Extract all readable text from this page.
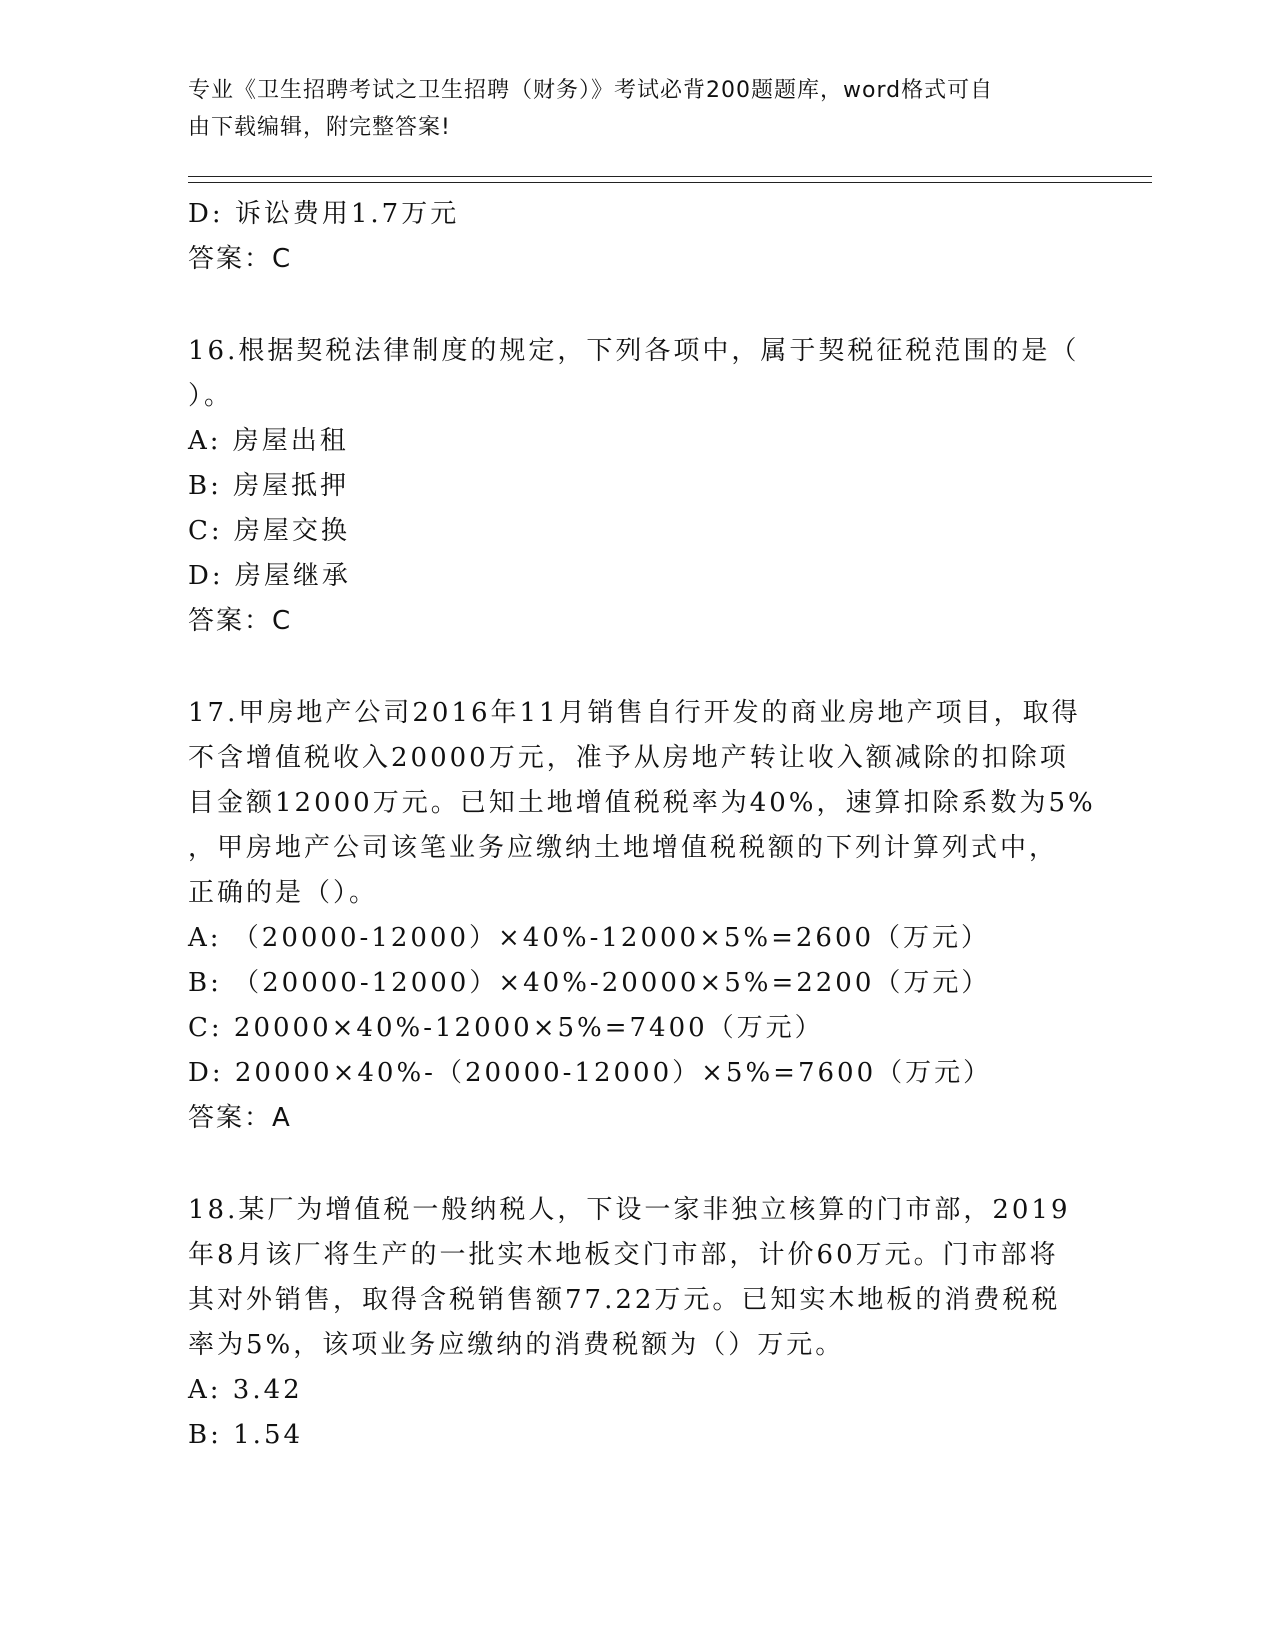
专业《卫生招聘考试之卫生招聘（财务）》考试必背200题题库，word格式可自
由下载编辑，附完整答案!
D: 诉讼费用1.7万元
答案：C
16.根据契税法律制度的规定，下列各项中，属于契税征税范围的是（
）。
A: 房屋出租
B: 房屋抵押
C: 房屋交换
D: 房屋继承
答案：C
17.甲房地产公司2016年11月销售自行开发的商业房地产项目，取得
不含增值税收入20000万元，准予从房地产转让收入额减除的扣除项
目金额12000万元。已知土地增值税税率为40%，速算扣除系数为5%
，甲房地产公司该笔业务应缴纳土地增值税税额的下列计算列式中，
正确的是（）。
A: （20000-12000）×40%-12000×5%=2600（万元）
B: （20000-12000）×40%-20000×5%=2200（万元）
C: 20000×40%-12000×5%=7400（万元）
D: 20000×40%-（20000-12000）×5%=7600（万元）
答案：A
18.某厂为增值税一般纳税人，下设一家非独立核算的门市部，2019
年8月该厂将生产的一批实木地板交门市部，计价60万元。门市部将
其对外销售，取得含税销售额77.22万元。已知实木地板的消费税税
率为5%，该项业务应缴纳的消费税额为（）万元。
A: 3.42
B: 1.54
